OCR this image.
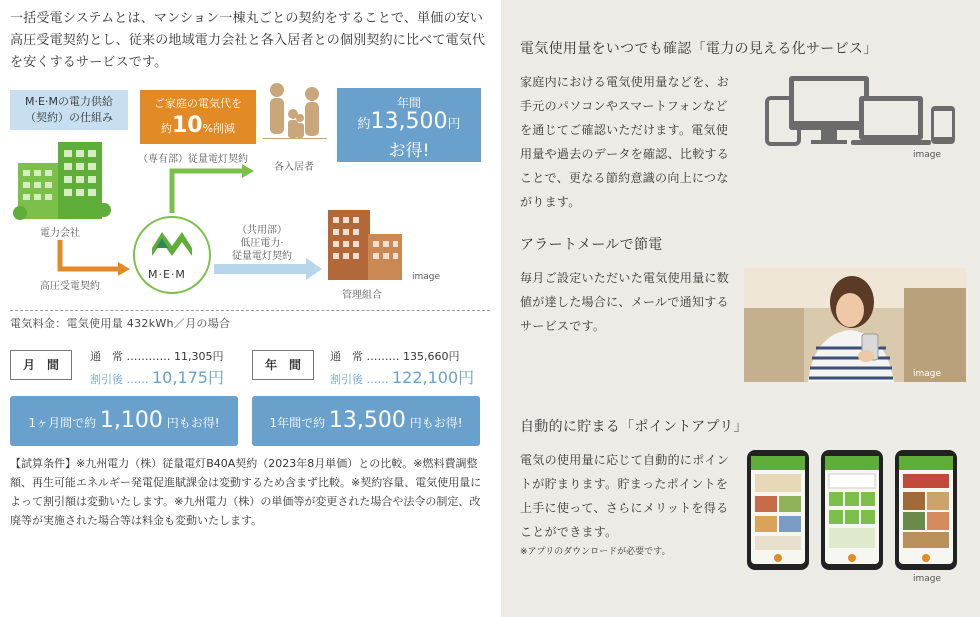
一括受電システムとは、マンション一棟丸ごとの契約をすることで、単価の安い高圧受電契約とし、従来の地域電力会社と各入居者との個別契約に比べて電気代を安くするサービスです。

M·E·Mの電力供給
（契約）の仕組み
ご家庭の電気代を
約10%削減
年間
約13,500円
お得!
（専有部）従量電灯契約
各入居者
電力会社
高圧受電契約
M·E·M
（共用部）
低圧電力·
従量電灯契約
管理組合
image
電気料金：電気使用量 432kWh／月の場合
月　間
通　常 ………… 11,305円
割引後 …… 10,175円
年　間
通　常 ……… 135,660円
割引後 …… 122,100円
1ヶ月間で約 1,100 円もお得!	1年間で約 13,500 円もお得!

【試算条件】※九州電力（株）従量電灯B40A契約（2023年8月単価）との比較。※燃料費調整額、再生可能エネルギー発電促進賦課金は変動するため含まず比較。※契約容量、電気使用量によって割引額は変動いたします。※九州電力（株）の単価等が変更された場合や法令の制定、改廃等が実施された場合等は料金も変動いたします。

電気使用量をいつでも確認「電力の見える化サービス」

家庭内における電気使用量などを、お手元のパソコンやスマートフォンなどを通じてご確認いただけます。電気使用量や過去のデータを確認、比較することで、更なる節約意識の向上につながります。

image
アラートメールで節電

毎月ご設定いただいた電気使用量に数値が達した場合に、メールで通知するサービスです。

image
自動的に貯まる「ポイントアプリ」

電気の使用量に応じて自動的にポイントが貯まります。貯まったポイントを上手に使って、さらにメリットを得ることができます。

※アプリのダウンロードが必要です。
image
